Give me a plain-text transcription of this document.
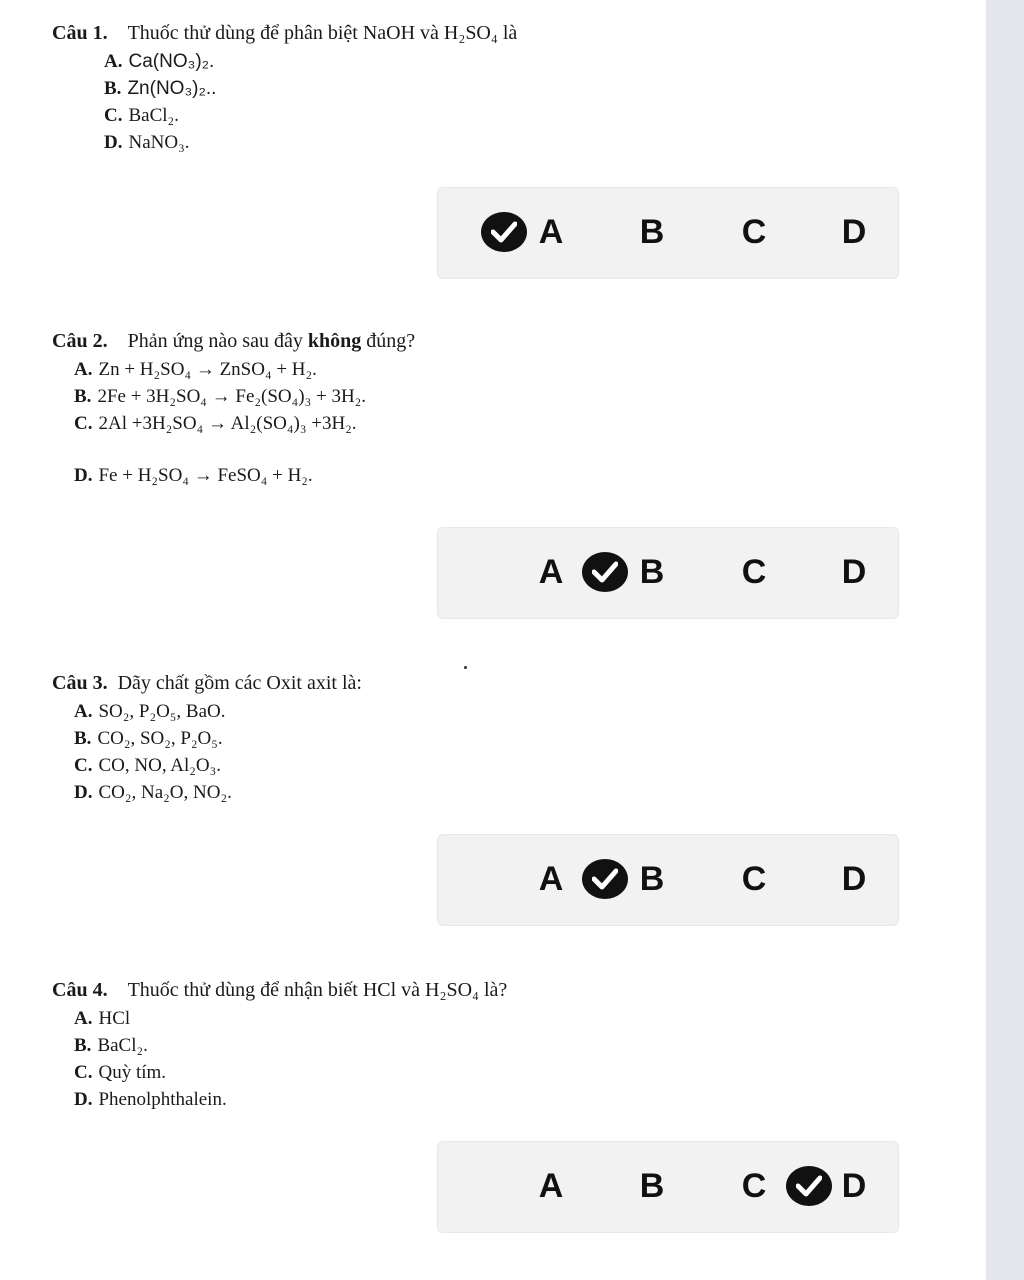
Câu 1. Thuốc thử dùng để phân biệt NaOH và H₂SO₄ là

A. Ca(NO₃)₂.
B. Zn(NO₃)₂..
C. BaCl₂.
D. NaNO₃.
A B C D

Câu 2. Phản ứng nào sau đây không đúng?

A. Zn + H₂SO₄ → ZnSO₄ + H₂.
B. 2Fe + 3H₂SO₄ → Fe₂(SO₄)₃ + 3H₂.
C. 2Al +3H₂SO₄ → Al₂(SO₄)₃ +3H₂.
D. Fe + H₂SO₄ → FeSO₄ + H₂.
A B C D

Câu 3. Dãy chất gồm các Oxit axit là:

A. SO₂, P₂O₅, BaO.
B. CO₂, SO₂, P₂O₅.
C. CO, NO, Al₂O₃.
D. CO₂, Na₂O, NO₂.
A B C D

Câu 4. Thuốc thử dùng để nhận biết HCl và H₂SO₄ là?

A. HCl
B. BaCl₂.
C. Quỳ tím.
D. Phenolphthalein.
A B C D
